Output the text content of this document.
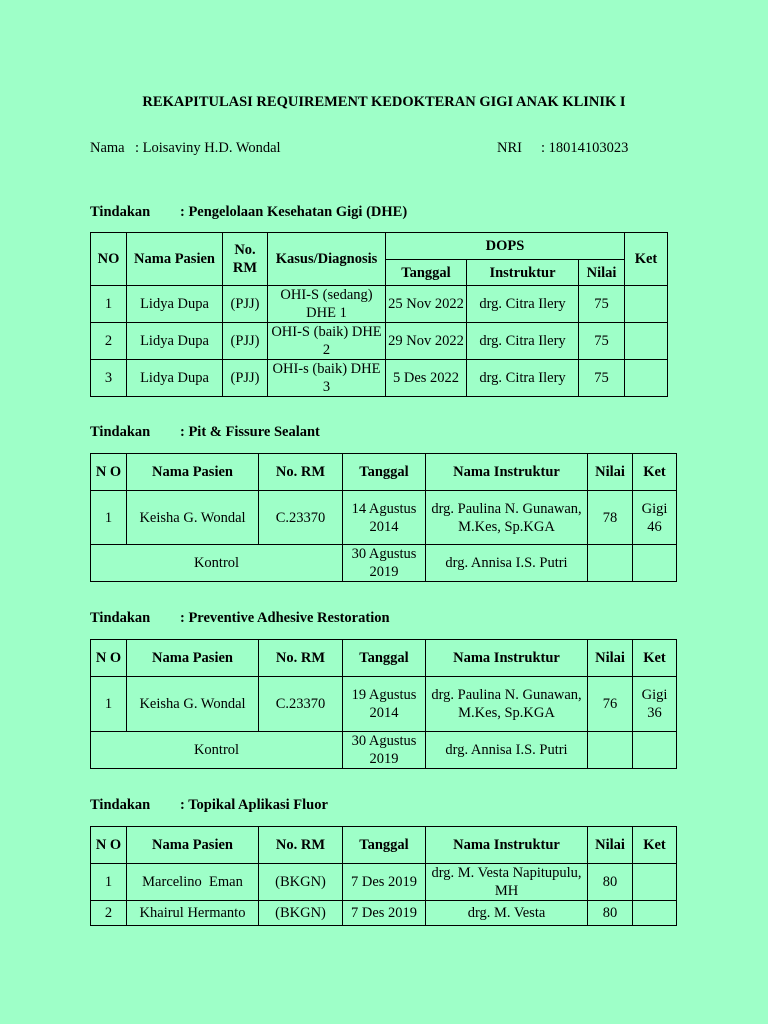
REKAPITULASI REQUIREMENT KEDOKTERAN GIGI ANAK KLINIK I
Nama : Loisaviny H.D. Wondal	NRI : 18014103023
Tindakan : Pengelolaan Kesehatan Gigi (DHE)
NO	Nama Pasien	No. RM	Kasus/Diagnosis	DOPS			Ket
				Tanggal	Instruktur	Nilai	
1	Lidya Dupa	(PJJ)	OHI-S (sedang) DHE 1	25 Nov 2022	drg. Citra Ilery	75	
2	Lidya Dupa	(PJJ)	OHI-S (baik) DHE 2	29 Nov 2022	drg. Citra Ilery	75	
3	Lidya Dupa	(PJJ)	OHI-s (baik) DHE 3	5 Des 2022	drg. Citra Ilery	75	
Tindakan : Pit & Fissure Sealant
N O	Nama Pasien	No. RM	Tanggal	Nama Instruktur	Nilai	Ket
1	Keisha G. Wondal	C.23370	14 Agustus 2014	drg. Paulina N. Gunawan, M.Kes, Sp.KGA	78	Gigi 46
Kontrol			30 Agustus 2019	drg. Annisa I.S. Putri		
Tindakan : Preventive Adhesive Restoration
N O	Nama Pasien	No. RM	Tanggal	Nama Instruktur	Nilai	Ket
1	Keisha G. Wondal	C.23370	19 Agustus 2014	drg. Paulina N. Gunawan, M.Kes, Sp.KGA	76	Gigi 36
Kontrol			30 Agustus 2019	drg. Annisa I.S. Putri		
Tindakan : Topikal Aplikasi Fluor
N O	Nama Pasien	No. RM	Tanggal	Nama Instruktur	Nilai	Ket
1	Marcelino  Eman	(BKGN)	7 Des 2019	drg. M. Vesta Napitupulu, MH	80	
2	Khairul Hermanto	(BKGN)	7 Des 2019	drg. M. Vesta	80	
